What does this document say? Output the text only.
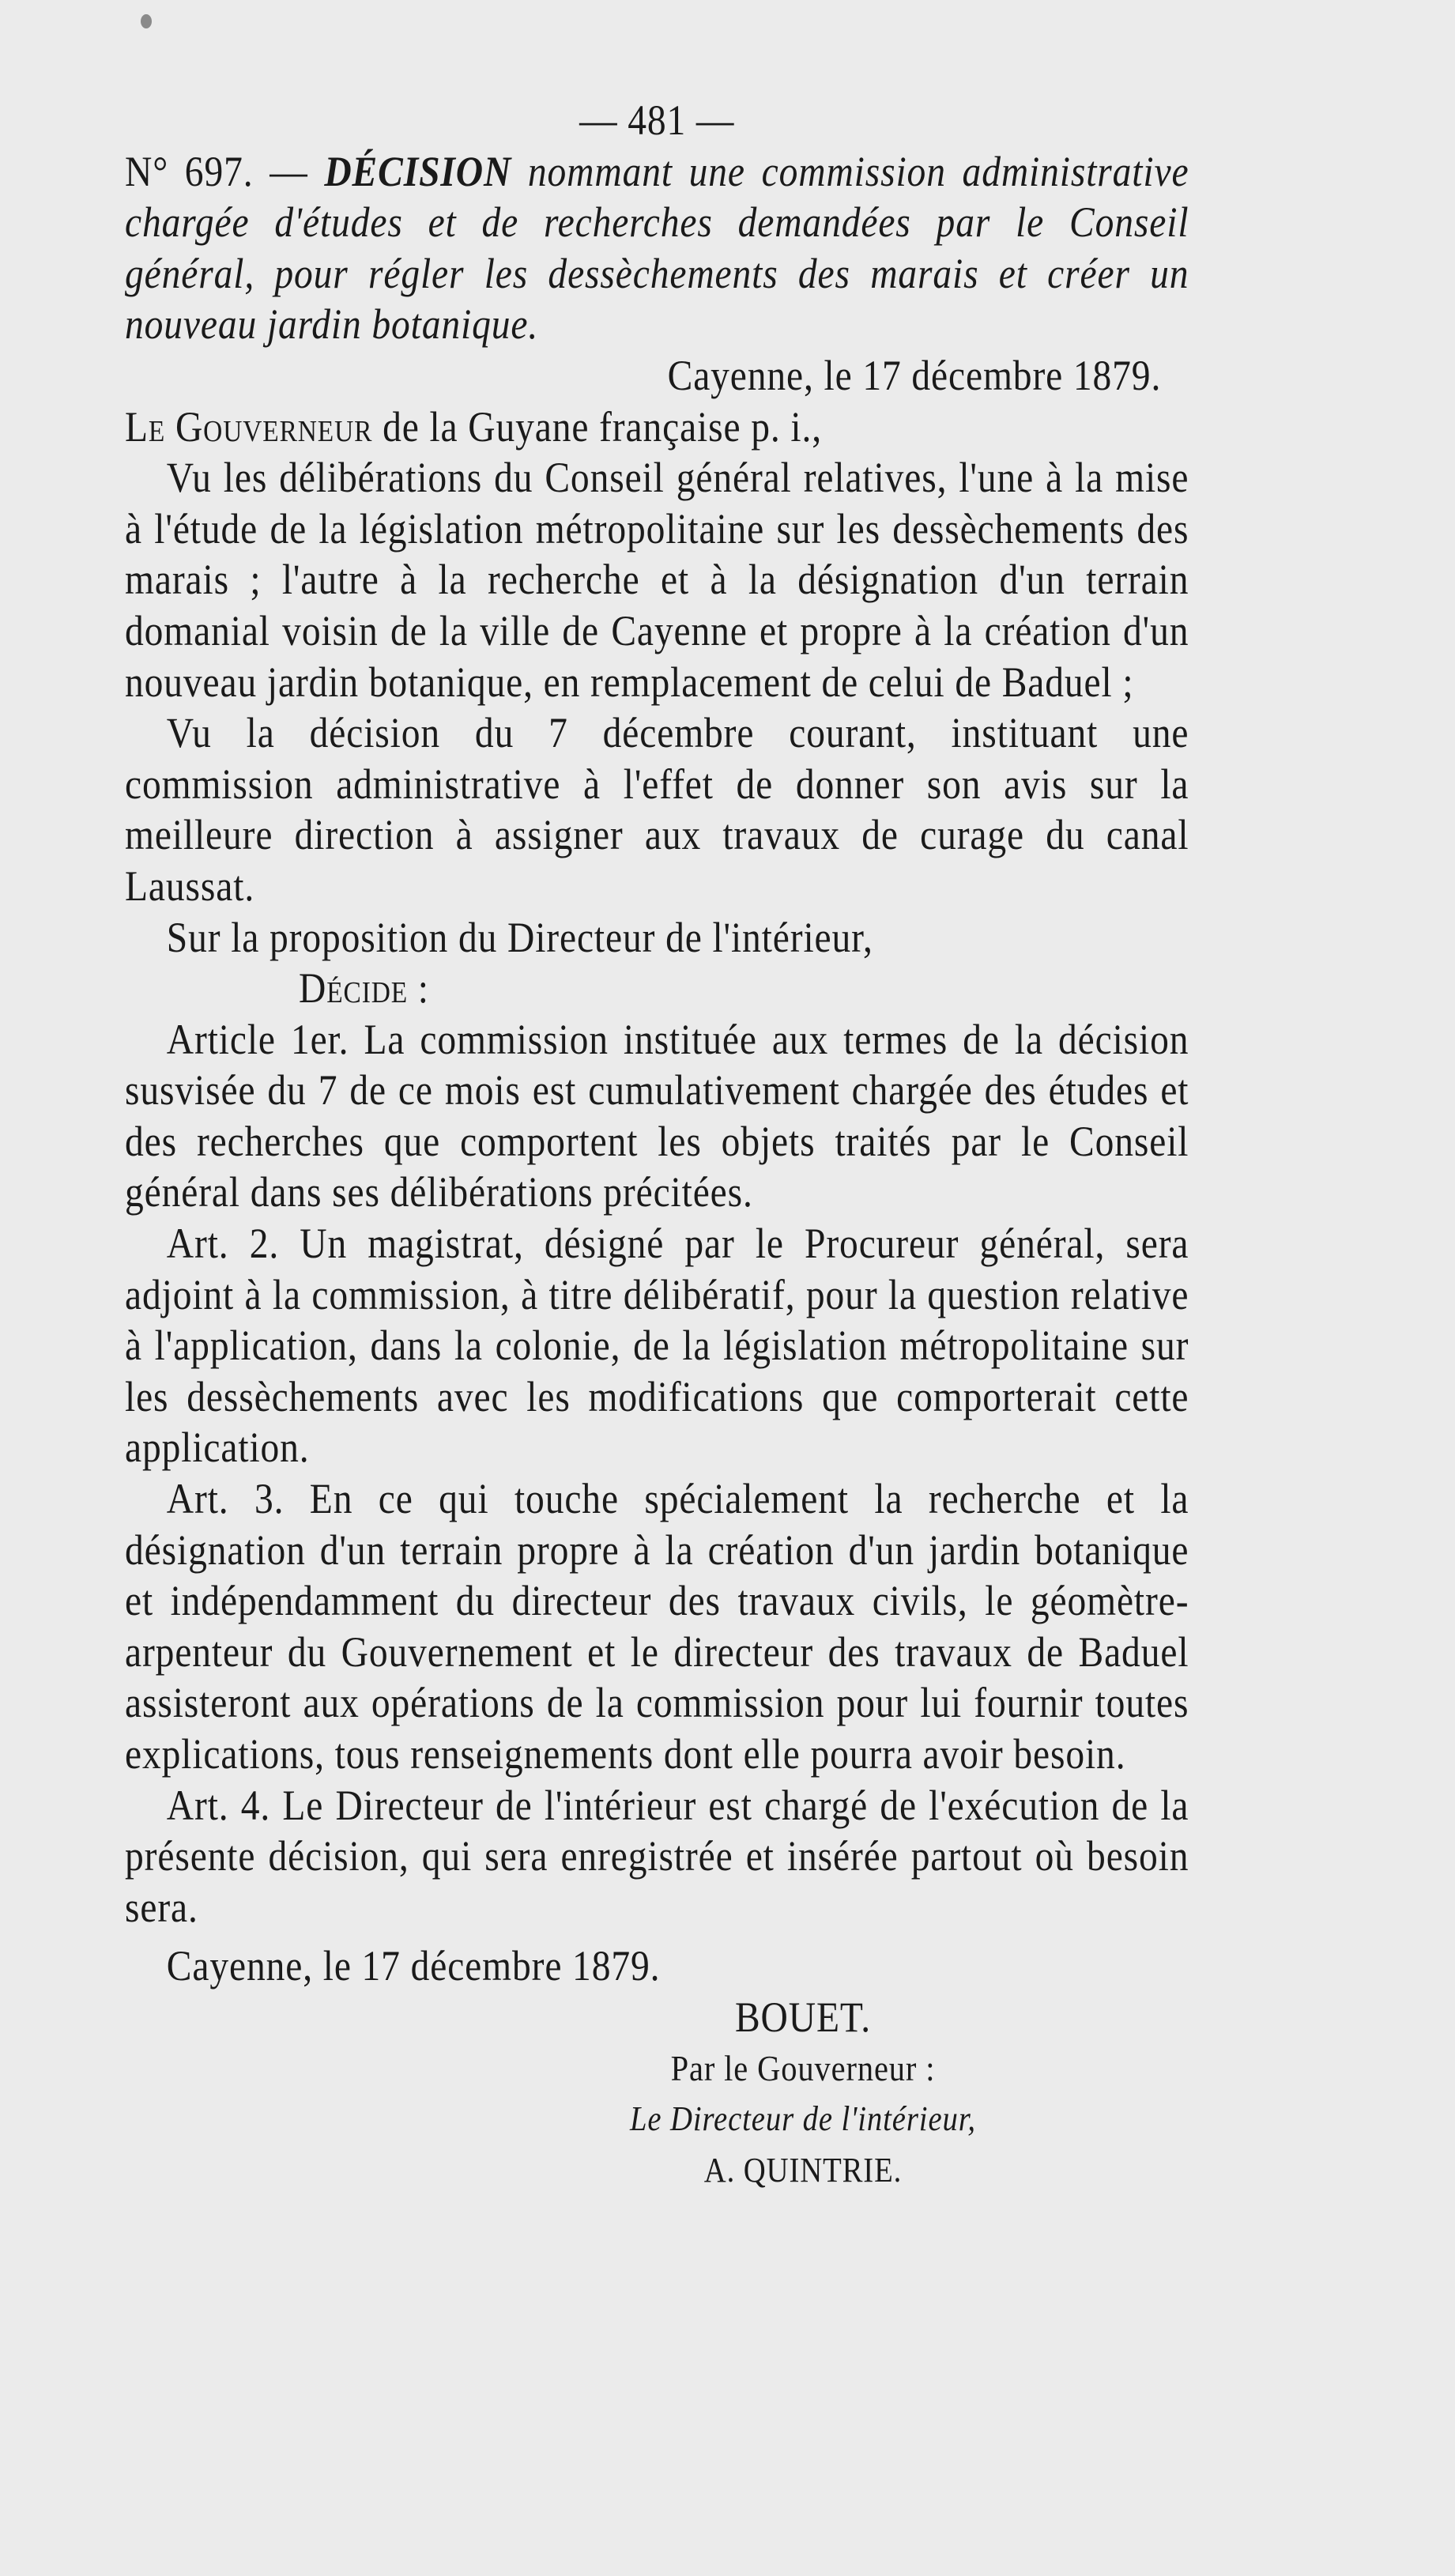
— 481 —

N° 697. — DÉCISION nommant une commission administrative chargée d'études et de recherches demandées par le Conseil général, pour régler les dessèchements des marais et créer un nouveau jardin botanique.

Cayenne, le 17 décembre 1879.

Le Gouverneur de la Guyane française p. i.,

Vu les délibérations du Conseil général relatives, l'une à la mise à l'étude de la législation métropolitaine sur les dessèchements des marais ; l'autre à la recherche et à la désignation d'un terrain domanial voisin de la ville de Cayenne et propre à la création d'un nouveau jardin botanique, en remplacement de celui de Baduel ;

Vu la décision du 7 décembre courant, instituant une commission administrative à l'effet de donner son avis sur la meilleure direction à assigner aux travaux de curage du canal Laussat.

Sur la proposition du Directeur de l'intérieur,

Décide :

Article 1er. La commission instituée aux termes de la décision susvisée du 7 de ce mois est cumulativement chargée des études et des recherches que comportent les objets traités par le Conseil général dans ses délibérations précitées.

Art. 2. Un magistrat, désigné par le Procureur général, sera adjoint à la commission, à titre délibératif, pour la question relative à l'application, dans la colonie, de la législation métropolitaine sur les dessèchements avec les modifications que comporterait cette application.

Art. 3. En ce qui touche spécialement la recherche et la désignation d'un terrain propre à la création d'un jardin botanique et indépendamment du directeur des travaux civils, le géomètre-arpenteur du Gouvernement et le directeur des travaux de Baduel assisteront aux opérations de la commission pour lui fournir toutes explications, tous renseignements dont elle pourra avoir besoin.

Art. 4. Le Directeur de l'intérieur est chargé de l'exécution de la présente décision, qui sera enregistrée et insérée partout où besoin sera.

Cayenne, le 17 décembre 1879.

BOUET.

Par le Gouverneur :

Le Directeur de l'intérieur,

A. QUINTRIE.
